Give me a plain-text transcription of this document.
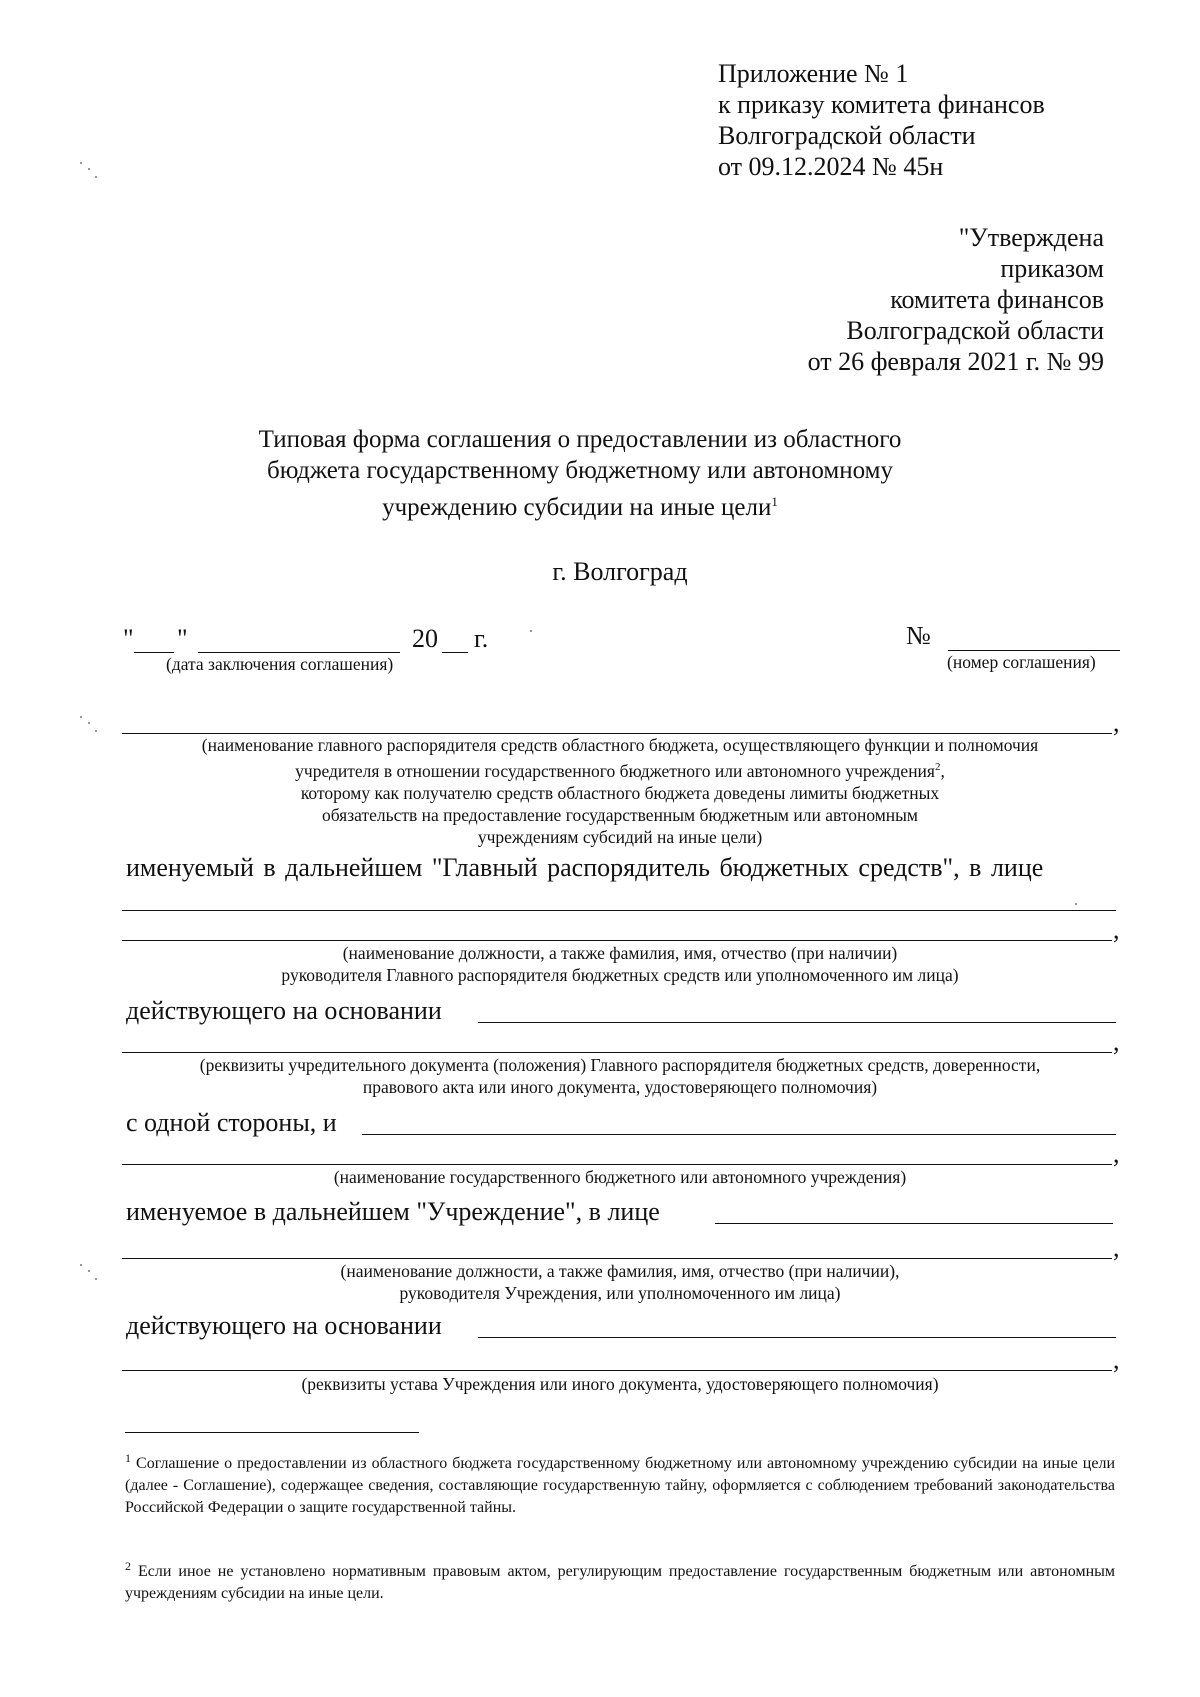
Приложение № 1
к приказу комитета финансов
Волгоградской области
от 09.12.2024 № 45н
"Утверждена
приказом
комитета финансов
Волгоградской области
от 26 февраля 2021 г. № 99
Типовая форма соглашения о предоставлении из областного
бюджета государственному бюджетному или автономному
учреждению субсидии на иные цели$^1$
г. Волгоград
" "	20 г.
(дата заключения соглашения)
№
(номер соглашения)
,
(наименование главного распорядителя средств областного бюджета, осуществляющего функции и полномочия
учредителя в отношении государственного бюджетного или автономного учреждения$^2$,
которому как получателю средств областного бюджета доведены лимиты бюджетных
обязательств на предоставление государственным бюджетным или автономным
учреждениям субсидий на иные цели)
именуемый в дальнейшем "Главный распорядитель бюджетных средств", в лице
,
(наименование должности, а также фамилия, имя, отчество (при наличии)
руководителя Главного распорядителя бюджетных средств или уполномоченного им лица)
действующего на основании
,
(реквизиты учредительного документа (положения) Главного распорядителя бюджетных средств, доверенности,
правового акта или иного документа, удостоверяющего полномочия)
с одной стороны, и
,
(наименование государственного бюджетного или автономного учреждения)
именуемое в дальнейшем "Учреждение", в лице
,
(наименование должности, а также фамилия, имя, отчество (при наличии),
руководителя Учреждения, или уполномоченного им лица)
действующего на основании
,
(реквизиты устава Учреждения или иного документа, удостоверяющего полномочия)
$^1$ Соглашение о предоставлении из областного бюджета государственному бюджетному или автономному учреждению субсидии на иные цели (далее - Соглашение), содержащее сведения, составляющие государственную тайну, оформляется с соблюдением требований законодательства Российской Федерации о защите государственной тайны.
$^2$ Если иное не установлено нормативным правовым актом, регулирующим предоставление государственным бюджетным или автономным учреждениям субсидии на иные цели.
